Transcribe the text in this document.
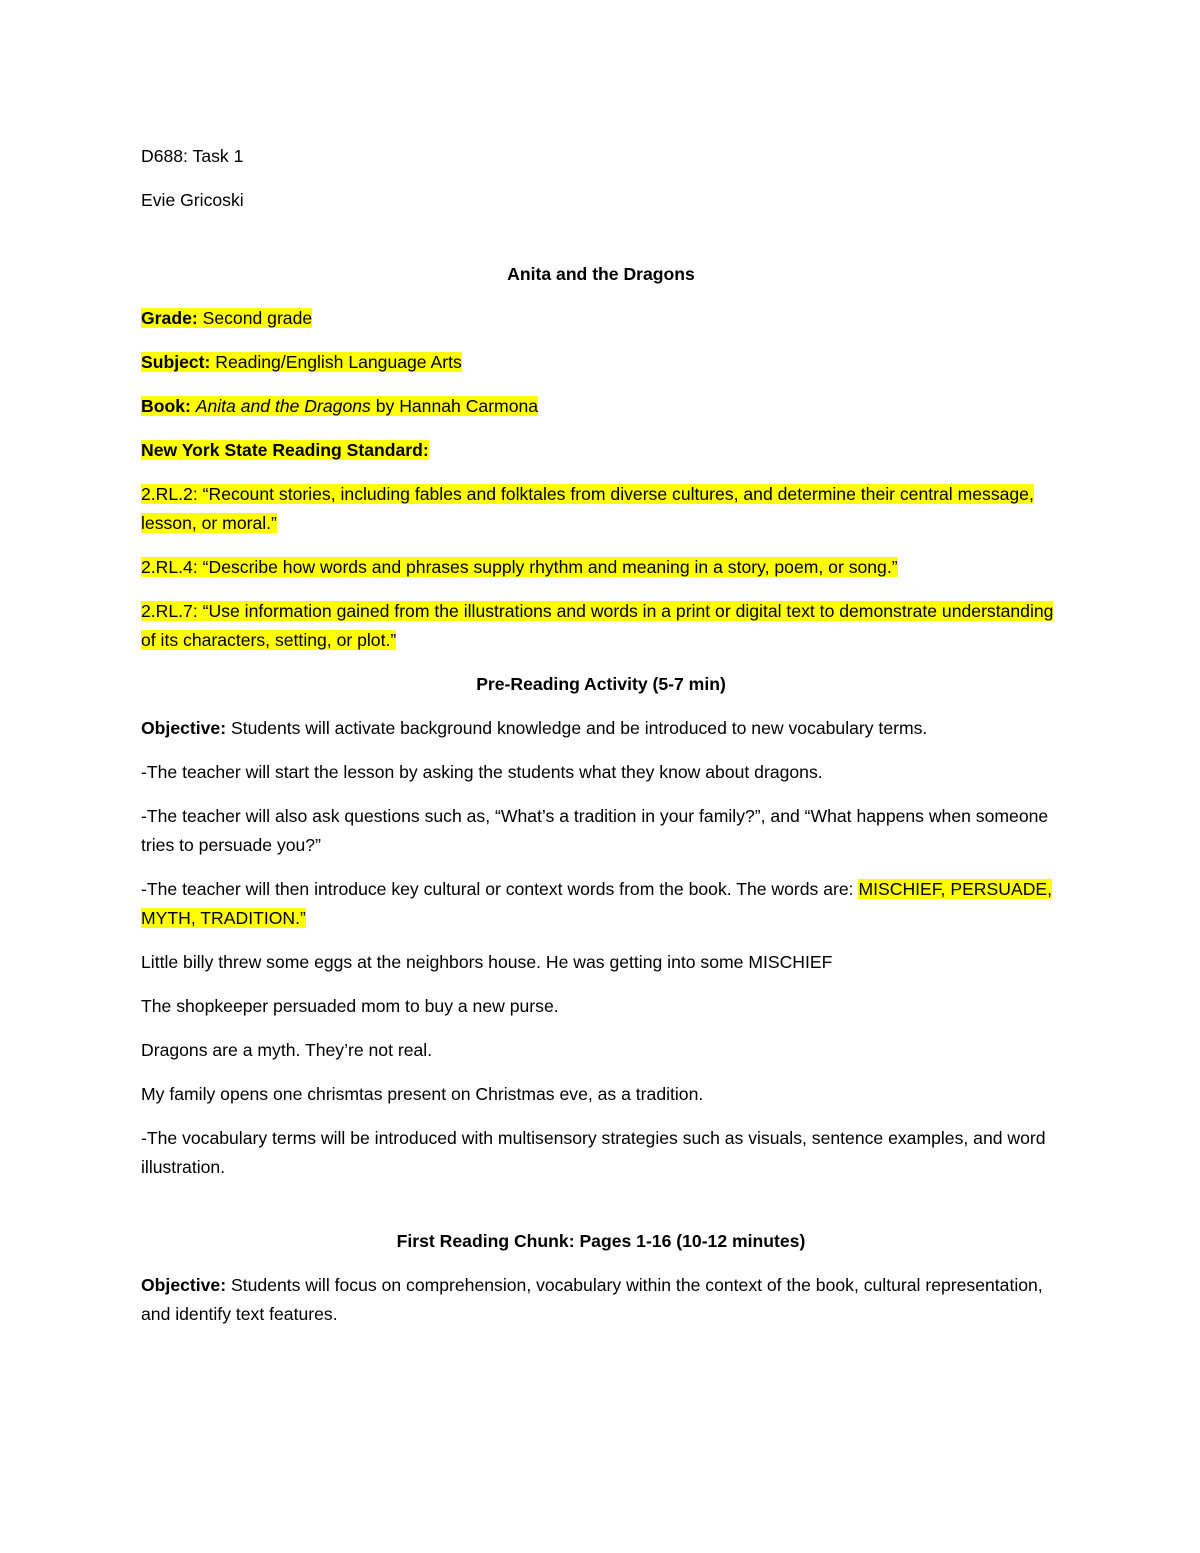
D688: Task 1

Evie Gricoski

Anita and the Dragons

Grade: Second grade

Subject: Reading/English Language Arts

Book: Anita and the Dragons by Hannah Carmona

New York State Reading Standard:

2.RL.2: “Recount stories, including fables and folktales from diverse cultures, and determine their central message, lesson, or moral.”

2.RL.4: “Describe how words and phrases supply rhythm and meaning in a story, poem, or song.”

2.RL.7: “Use information gained from the illustrations and words in a print or digital text to demonstrate understanding of its characters, setting, or plot.”

Pre-Reading Activity (5-7 min)

Objective: Students will activate background knowledge and be introduced to new vocabulary terms.

-The teacher will start the lesson by asking the students what they know about dragons.

-The teacher will also ask questions such as, “What’s a tradition in your family?”, and “What happens when someone tries to persuade you?”

-The teacher will then introduce key cultural or context words from the book. The words are: MISCHIEF, PERSUADE, MYTH, TRADITION.”

Little billy threw some eggs at the neighbors house. He was getting into some MISCHIEF

The shopkeeper persuaded mom to buy a new purse.

Dragons are a myth. They’re not real.

My family opens one chrismtas present on Christmas eve, as a tradition.

-The vocabulary terms will be introduced with multisensory strategies such as visuals, sentence examples, and word illustration.

First Reading Chunk: Pages 1-16 (10-12 minutes)

Objective: Students will focus on comprehension, vocabulary within the context of the book, cultural representation, and identify text features.
